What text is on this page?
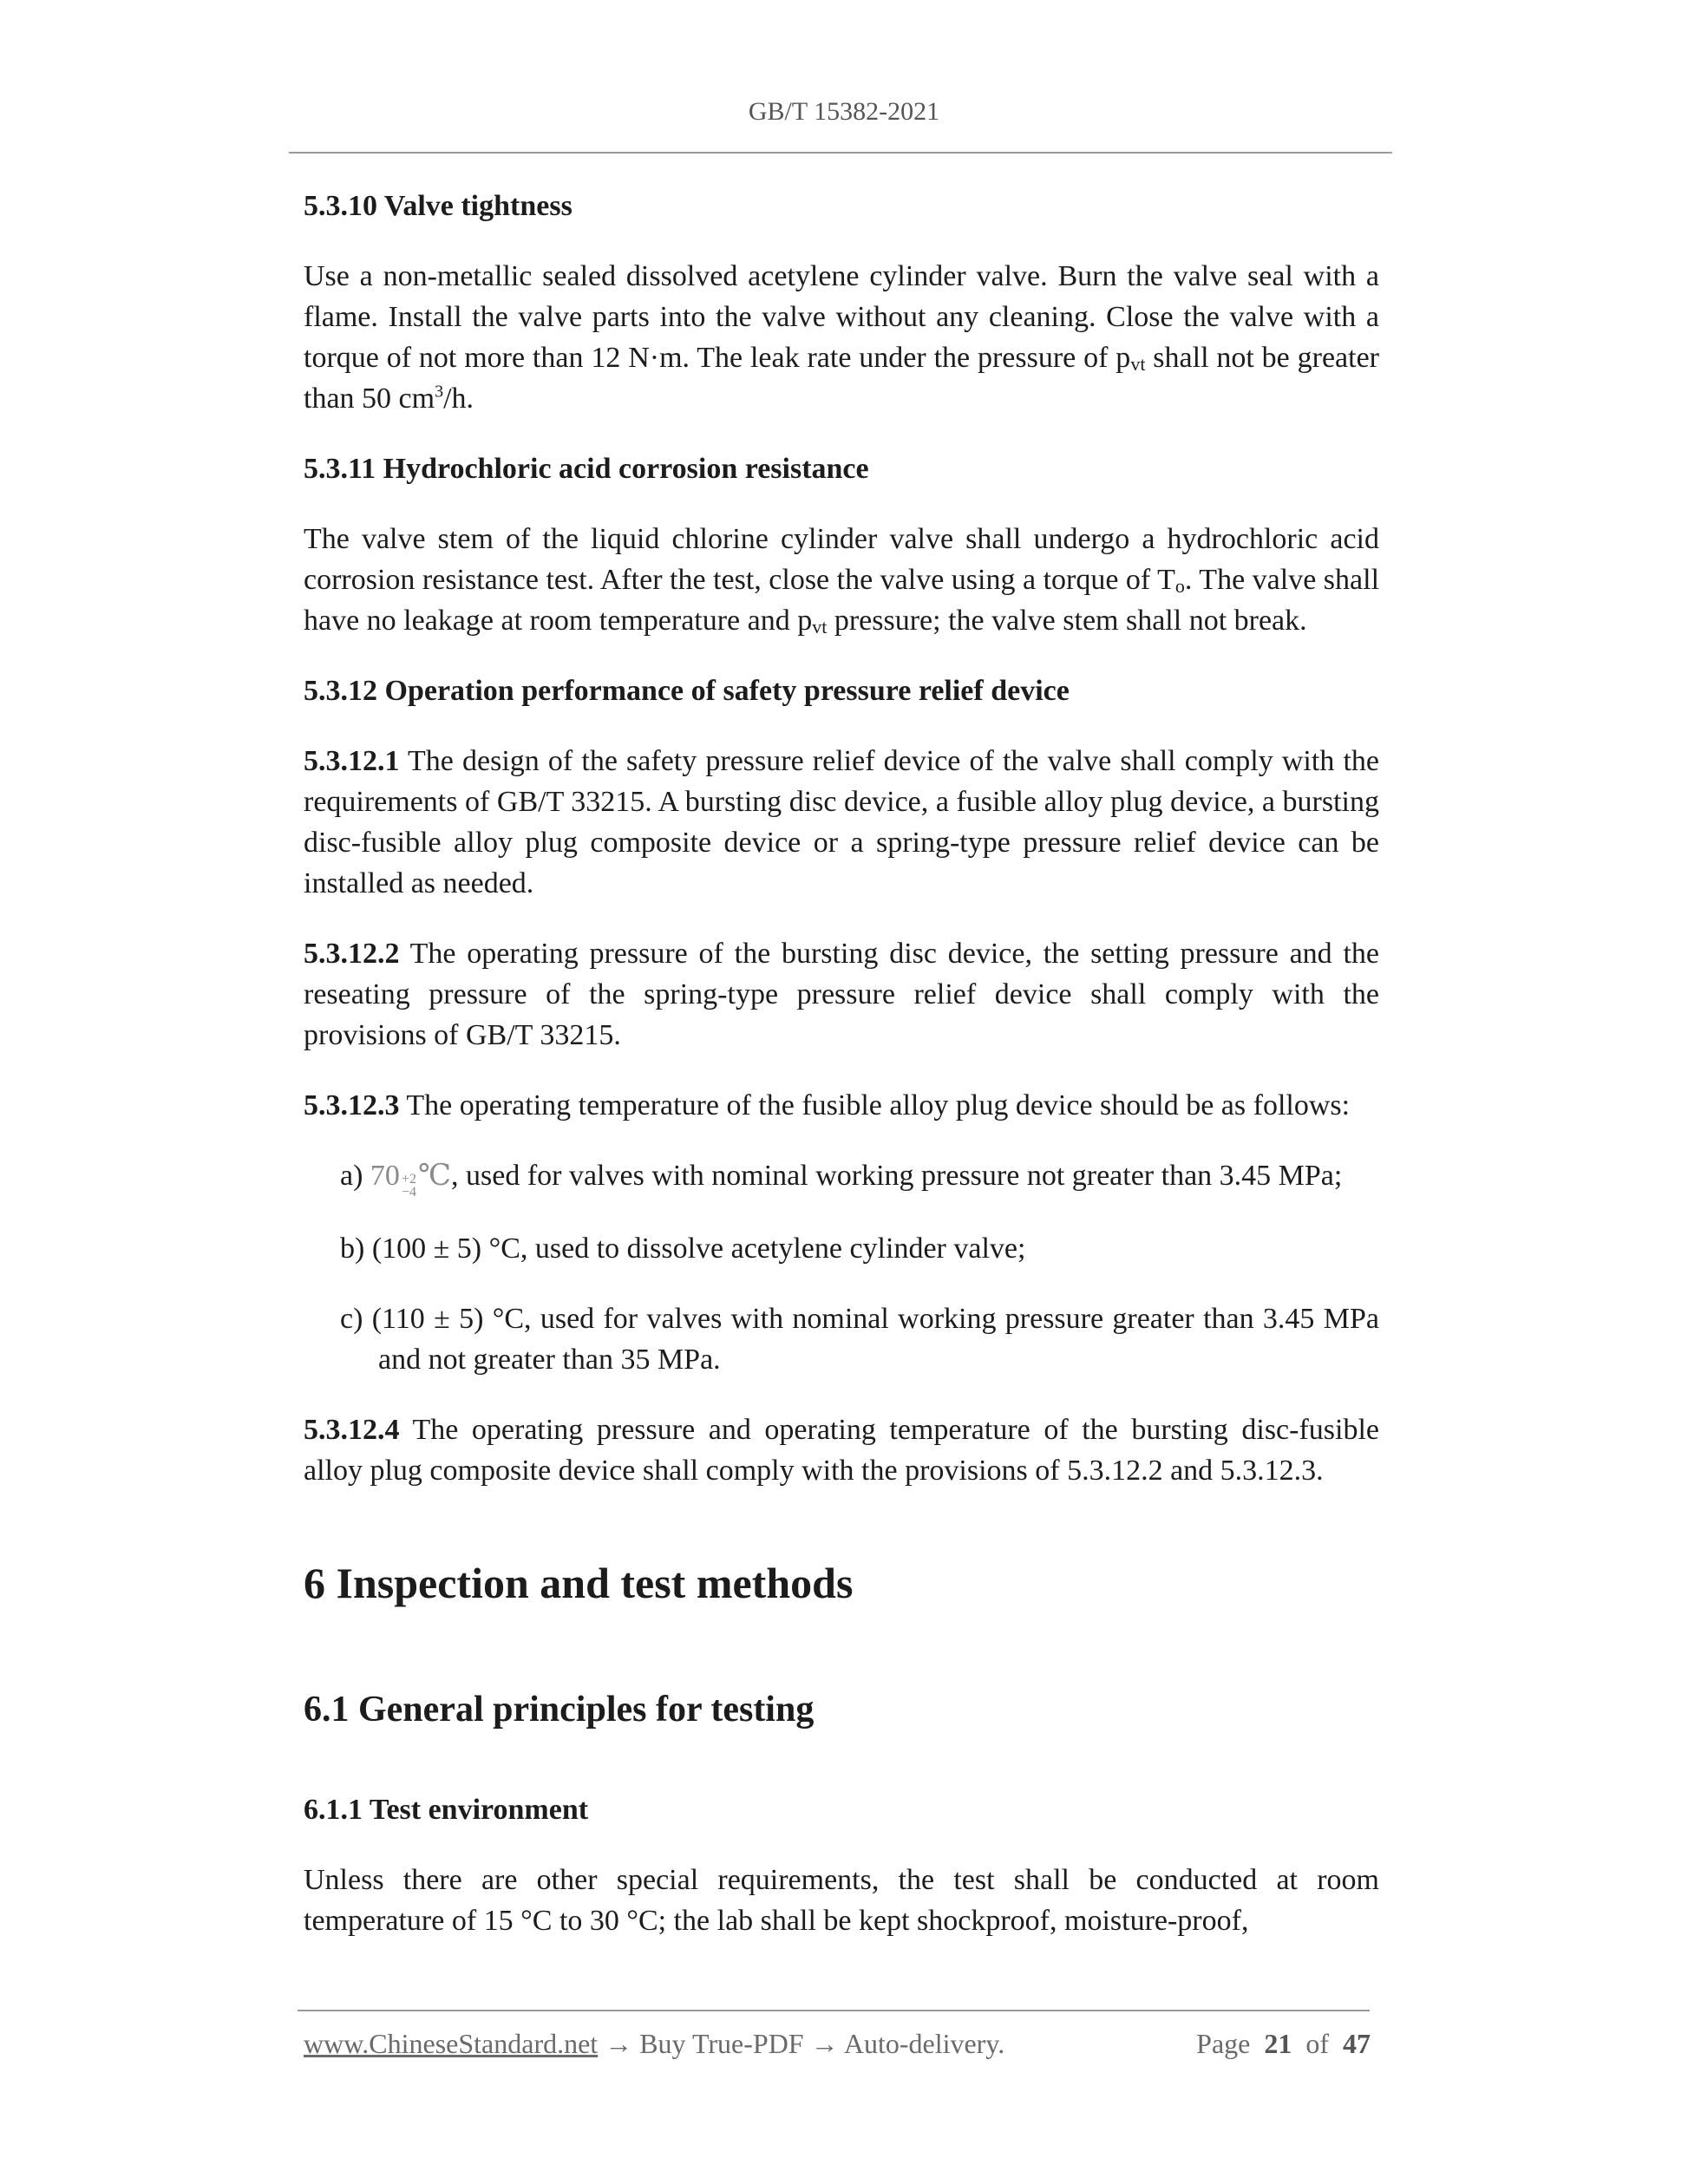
GB/T 15382-2021
5.3.10 Valve tightness
Use a non-metallic sealed dissolved acetylene cylinder valve. Burn the valve seal with a flame. Install the valve parts into the valve without any cleaning. Close the valve with a torque of not more than 12 N·m. The leak rate under the pressure of $p_{vt}$ shall not be greater than 50 $cm^3/h$.
5.3.11 Hydrochloric acid corrosion resistance
The valve stem of the liquid chlorine cylinder valve shall undergo a hydrochloric acid corrosion resistance test. After the test, close the valve using a torque of $T_o$. The valve shall have no leakage at room temperature and $p_{vt}$ pressure; the valve stem shall not break.
5.3.12 Operation performance of safety pressure relief device
5.3.12.1 The design of the safety pressure relief device of the valve shall comply with the requirements of GB/T 33215. A bursting disc device, a fusible alloy plug device, a bursting disc-fusible alloy plug composite device or a spring-type pressure relief device can be installed as needed.
5.3.12.2 The operating pressure of the bursting disc device, the setting pressure and the reseating pressure of the spring-type pressure relief device shall comply with the provisions of GB/T 33215.
5.3.12.3 The operating temperature of the fusible alloy plug device should be as follows:
a) 70 +2
−4
℃, used for valves with nominal working pressure not greater than 3.45 MPa;
b) (100 ± 5) °C, used to dissolve acetylene cylinder valve;
c) (110 ± 5) °C, used for valves with nominal working pressure greater than 3.45 MPa and not greater than 35 MPa.
5.3.12.4 The operating pressure and operating temperature of the bursting disc-fusible alloy plug composite device shall comply with the provisions of 5.3.12.2 and 5.3.12.3.
6 Inspection and test methods
6.1 General principles for testing
6.1.1 Test environment
Unless there are other special requirements, the test shall be conducted at room temperature of 15 °C to 30 °C; the lab shall be kept shockproof, moisture-proof,
www.ChineseStandard.net → Buy True-PDF → Auto-delivery.	Page 21 of 47
